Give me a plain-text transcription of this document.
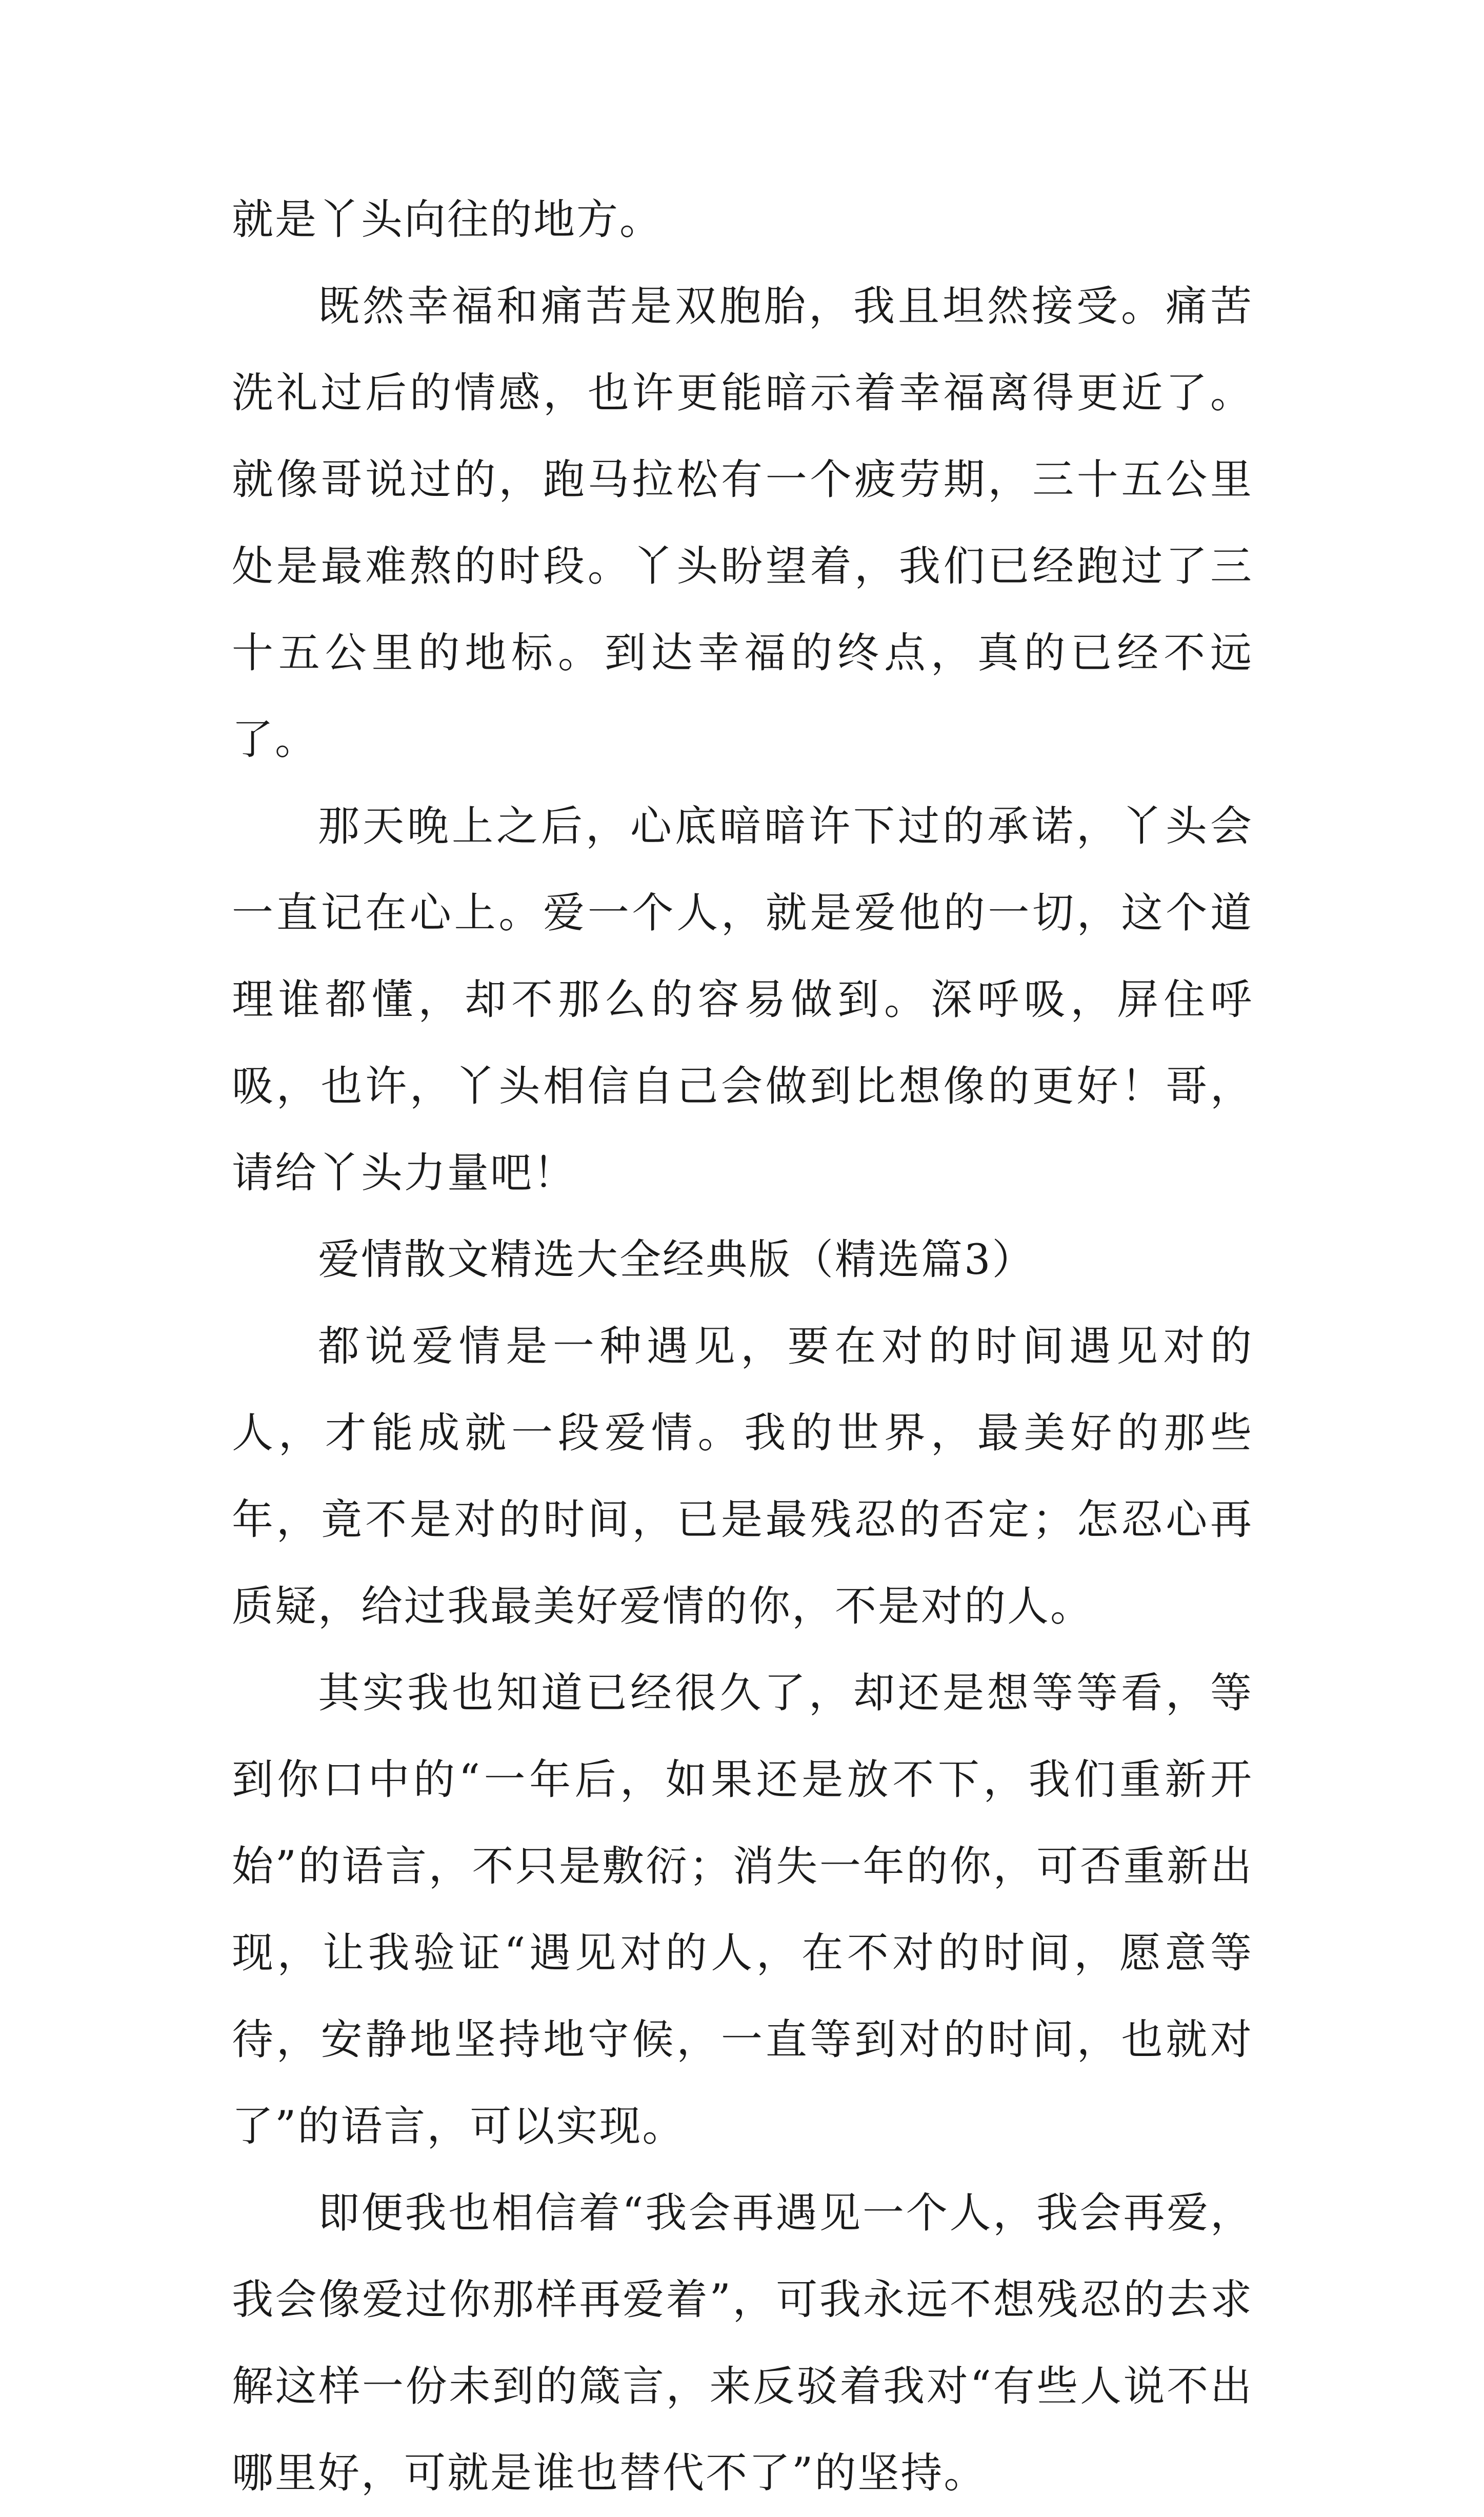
就是丫头向往的地方。

既然幸福和痛苦是双胞胎，我且坦然接受。痛苦洗礼过后的情感，也许更能暗示着幸福离得更近了。就像哥说过的，跑马拉松有一个疲劳期，三十五公里处是最难熬的时段。丫头盼望着，我们已经跑过了三十五公里的地标。到达幸福的终点，真的已经不远了。

那天晚上之后，心底暗暗许下过的承诺，丫头会一直记在心上。爱一个人，就是爱他的一切，这个道理谁都懂，却不那么的容易做到。深呼吸，屏住呼吸，也许，丫头相信自己会做到比想像的更好！哥，请给丫头力量吧！

爱情散文精选大全经典版（精选篇3）

都说爱情是一种遇见，要在对的时间遇见对的人，才能成就一段爱情。我的世界，最美好的那些年，竟不是对的时间，已是最残忍的否定；怎忍心再质疑，给过我最美好爱情的你，不是对的人。

其实我也知道已经很久了，却还是想等等看，等到你口中的“一年后，如果还是放不下，我们重新开始”的语言，不只是敷衍；消失一年的你，可否重新出现，让我验证“遇见对的人，在不对的时间，愿意等待，安静地坚持地守候，一直等到对的时间，也就对了”的语言，可以实现。

即便我也相信着“我会再遇见一个人，我会再爱，我会像爱过你那样再爱着”，可我永远不想残忍的去求解这样一份未到的箴言，来反驳着我对“有些人说不出哪里好，可就是谁也替代不了”的坚持。
